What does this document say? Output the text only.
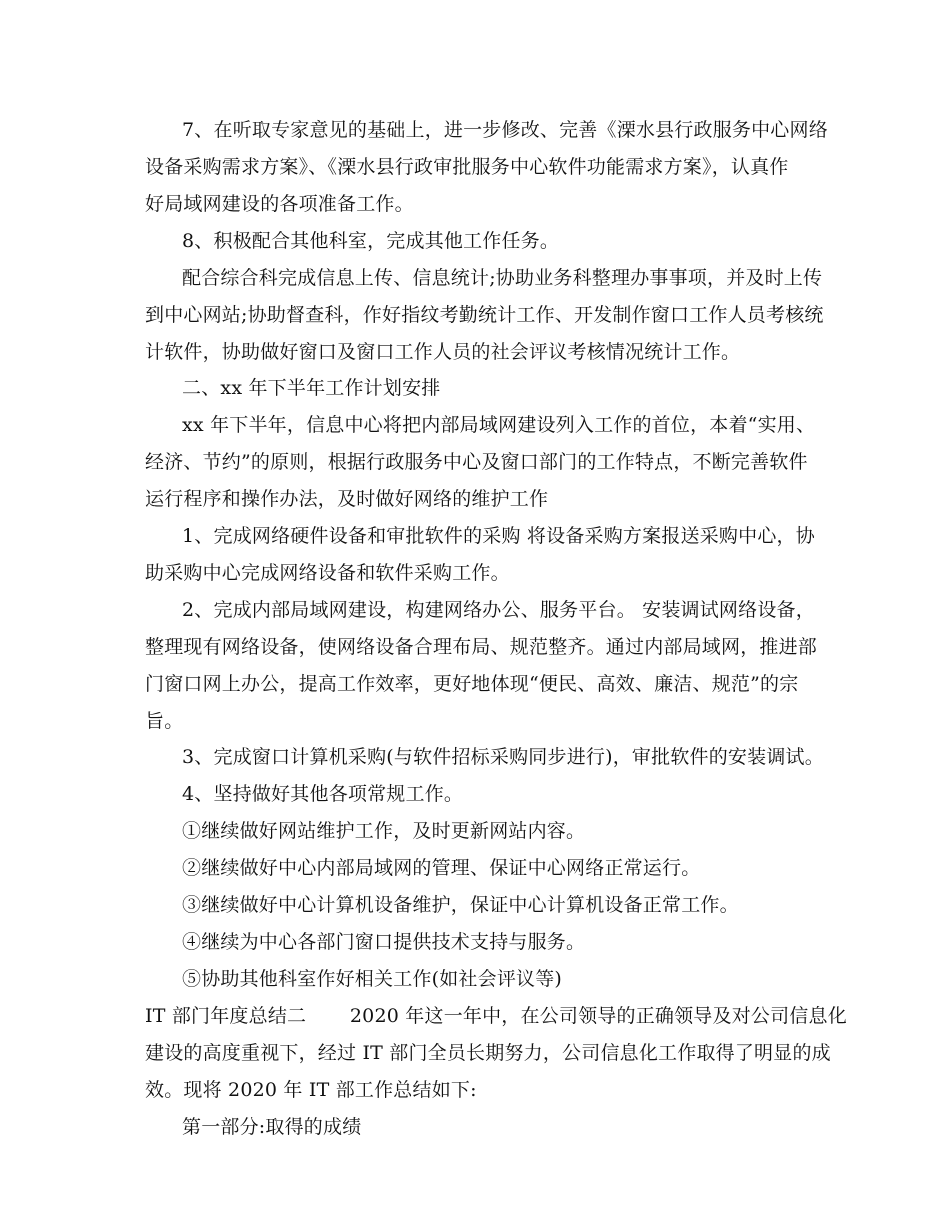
7、在听取专家意见的基础上，进一步修改、完善《溧水县行政服务中心网络
设备采购需求方案》、《溧水县行政审批服务中心软件功能需求方案》，认真作
好局域网建设的各项准备工作。
8、积极配合其他科室，完成其他工作任务。
配合综合科完成信息上传、信息统计;协助业务科整理办事事项，并及时上传
到中心网站;协助督查科，作好指纹考勤统计工作、开发制作窗口工作人员考核统
计软件，协助做好窗口及窗口工作人员的社会评议考核情况统计工作。
二、xx 年下半年工作计划安排
xx 年下半年，信息中心将把内部局域网建设列入工作的首位，本着“实用、
经济、节约”的原则，根据行政服务中心及窗口部门的工作特点，不断完善软件
运行程序和操作办法，及时做好网络的维护工作
1、完成网络硬件设备和审批软件的采购 将设备采购方案报送采购中心，协
助采购中心完成网络设备和软件采购工作。
2、完成内部局域网建设，构建网络办公、服务平台。 安装调试网络设备，
整理现有网络设备，使网络设备合理布局、规范整齐。通过内部局域网，推进部
门窗口网上办公，提高工作效率，更好地体现“便民、高效、廉洁、规范”的宗
旨。
3、完成窗口计算机采购(与软件招标采购同步进行)，审批软件的安装调试。
4、坚持做好其他各项常规工作。
①继续做好网站维护工作，及时更新网站内容。
②继续做好中心内部局域网的管理、保证中心网络正常运行。
③继续做好中心计算机设备维护，保证中心计算机设备正常工作。
④继续为中心各部门窗口提供技术支持与服务。
⑤协助其他科室作好相关工作(如社会评议等)
IT 部门年度总结二       2020 年这一年中，在公司领导的正确领导及对公司信息化
建设的高度重视下，经过 IT 部门全员长期努力，公司信息化工作取得了明显的成
效。现将 2020 年 IT 部工作总结如下:
第一部分:取得的成绩
